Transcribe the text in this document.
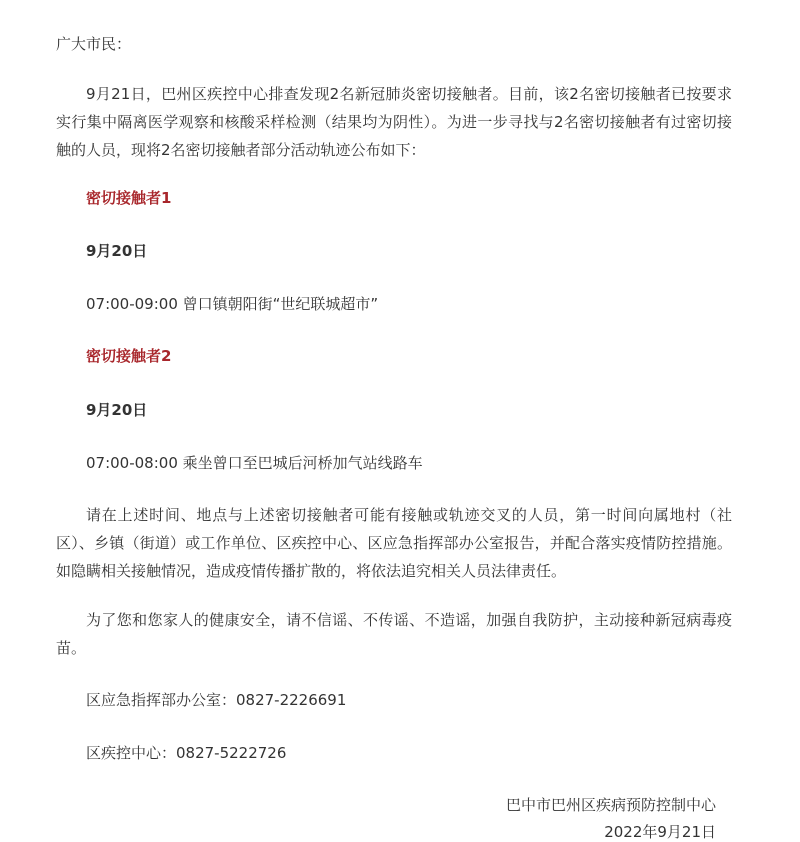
广大市民：
9月21日，巴州区疾控中心排查发现2名新冠肺炎密切接触者。目前，该2名密切接触者已按要求实行集中隔离医学观察和核酸采样检测（结果均为阴性）。为进一步寻找与2名密切接触者有过密切接触的人员，现将2名密切接触者部分活动轨迹公布如下：
密切接触者1
9月20日
07:00-09:00 曾口镇朝阳街“世纪联城超市”
密切接触者2
9月20日
07:00-08:00 乘坐曾口至巴城后河桥加气站线路车
请在上述时间、地点与上述密切接触者可能有接触或轨迹交叉的人员，第一时间向属地村（社区）、乡镇（街道）或工作单位、区疾控中心、区应急指挥部办公室报告，并配合落实疫情防控措施。如隐瞒相关接触情况，造成疫情传播扩散的，将依法追究相关人员法律责任。
为了您和您家人的健康安全，请不信谣、不传谣、不造谣，加强自我防护，主动接种新冠病毒疫苗。
区应急指挥部办公室：0827-2226691
区疾控中心：0827-5222726
巴中市巴州区疾病预防控制中心
2022年9月21日
